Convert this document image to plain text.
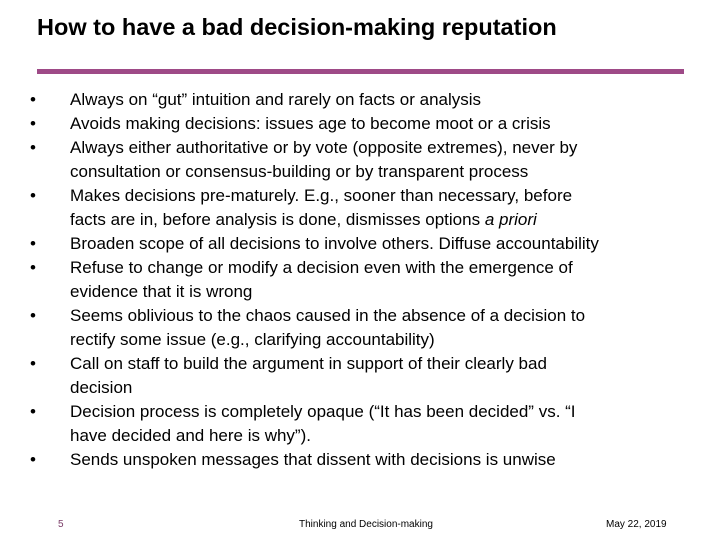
How to have a bad decision-making reputation
• Always on “gut” intuition and rarely on facts or analysis
• Avoids making decisions: issues age to become moot or a crisis
• Always either authoritative or by vote (opposite extremes), never by
consultation or consensus-building or by transparent process
• Makes decisions pre-maturely. E.g., sooner than necessary, before
facts are in, before analysis is done, dismisses options a priori
• Broaden scope of all decisions to involve others. Diffuse accountability
• Refuse to change or modify a decision even with the emergence of
evidence that it is wrong
• Seems oblivious to the chaos caused in the absence of a decision to
rectify some issue (e.g., clarifying accountability)
• Call on staff to build the argument in support of their clearly bad
decision
• Decision process is completely opaque (“It has been decided” vs. “I
have decided and here is why”).
• Sends unspoken messages that dissent with decisions is unwise
5	Thinking and Decision-making	May 22, 2019
